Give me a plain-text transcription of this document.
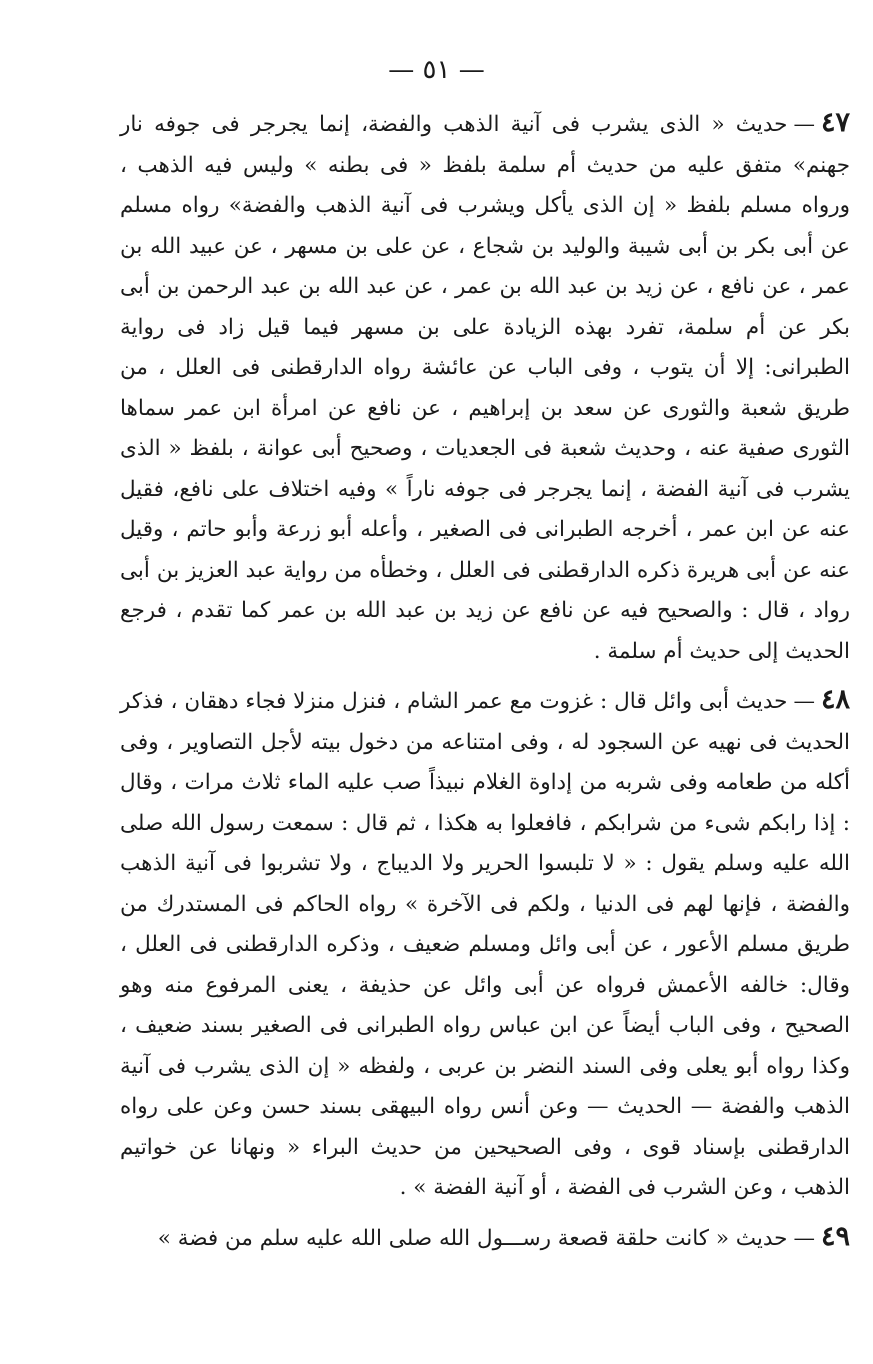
— ٥١ —

٤٧—حديث « الذى يشرب فى آنية الذهب والفضة، إنما يجرجر فى جوفه نار جهنم» متفق عليه من حديث أم سلمة بلفظ « فى بطنه » وليس فيه الذهب ، ورواه مسلم بلفظ « إن الذى يأكل ويشرب فى آنية الذهب والفضة» رواه مسلم عن أبى بكر بن أبى شيبة والوليد بن شجاع ، عن على بن مسهر ، عن عبيد الله بن عمر ، عن نافع ، عن زيد بن عبد الله بن عمر ، عن عبد الله بن عبد الرحمن بن أبى بكر عن أم سلمة، تفرد بهذه الزيادة على بن مسهر فيما قيل زاد فى رواية الطبرانى: إلا أن يتوب ، وفى الباب عن عائشة رواه الدارقطنى فى العلل ، من طريق شعبة والثورى عن سعد بن إبراهيم ، عن نافع عن امرأة ابن عمر سماها الثورى صفية عنه ، وحديث شعبة فى الجعديات ، وصحيح أبى عوانة ، بلفظ « الذى يشرب فى آنية الفضة ، إنما يجرجر فى جوفه ناراً » وفيه اختلاف على نافع، فقيل عنه عن ابن عمر ، أخرجه الطبرانى فى الصغير ، وأعله أبو زرعة وأبو حاتم ، وقيل عنه عن أبى هريرة ذكره الدارقطنى فى العلل ، وخطأه من رواية عبد العزيز بن أبى رواد ، قال : والصحيح فيه عن نافع عن زيد بن عبد الله بن عمر كما تقدم ، فرجع الحديث إلى حديث أم سلمة .

٤٨—حديث أبى وائل قال : غزوت مع عمر الشام ، فنزل منزلا فجاء دهقان ، فذكر الحديث فى نهيه عن السجود له ، وفى امتناعه من دخول بيته لأجل التصاوير ، وفى أكله من طعامه وفى شربه من إداوة الغلام نبيذاً صب عليه الماء ثلاث مرات ، وقال : إذا رابكم شىء من شرابكم ، فافعلوا به هكذا ، ثم قال : سمعت رسول الله صلى الله عليه وسلم يقول : « لا تلبسوا الحرير ولا الديباج ، ولا تشربوا فى آنية الذهب والفضة ، فإنها لهم فى الدنيا ، ولكم فى الآخرة » رواه الحاكم فى المستدرك من طريق مسلم الأعور ، عن أبى وائل ومسلم ضعيف ، وذكره الدارقطنى فى العلل ، وقال: خالفه الأعمش فرواه عن أبى وائل عن حذيفة ، يعنى المرفوع منه وهو الصحيح ، وفى الباب أيضاً عن ابن عباس رواه الطبرانى فى الصغير بسند ضعيف ، وكذا رواه أبو يعلى وفى السند النضر بن عربى ، ولفظه « إن الذى يشرب فى آنية الذهب والفضة — الحديث — وعن أنس رواه البيهقى بسند حسن وعن على رواه الدارقطنى بإسناد قوى ، وفى الصحيحين من حديث البراء « ونهانا عن خواتيم الذهب ، وعن الشرب فى الفضة ، أو آنية الفضة » .

٤٩—حديث « كانت حلقة قصعة رســـول الله صلى الله عليه سلم من فضة »
